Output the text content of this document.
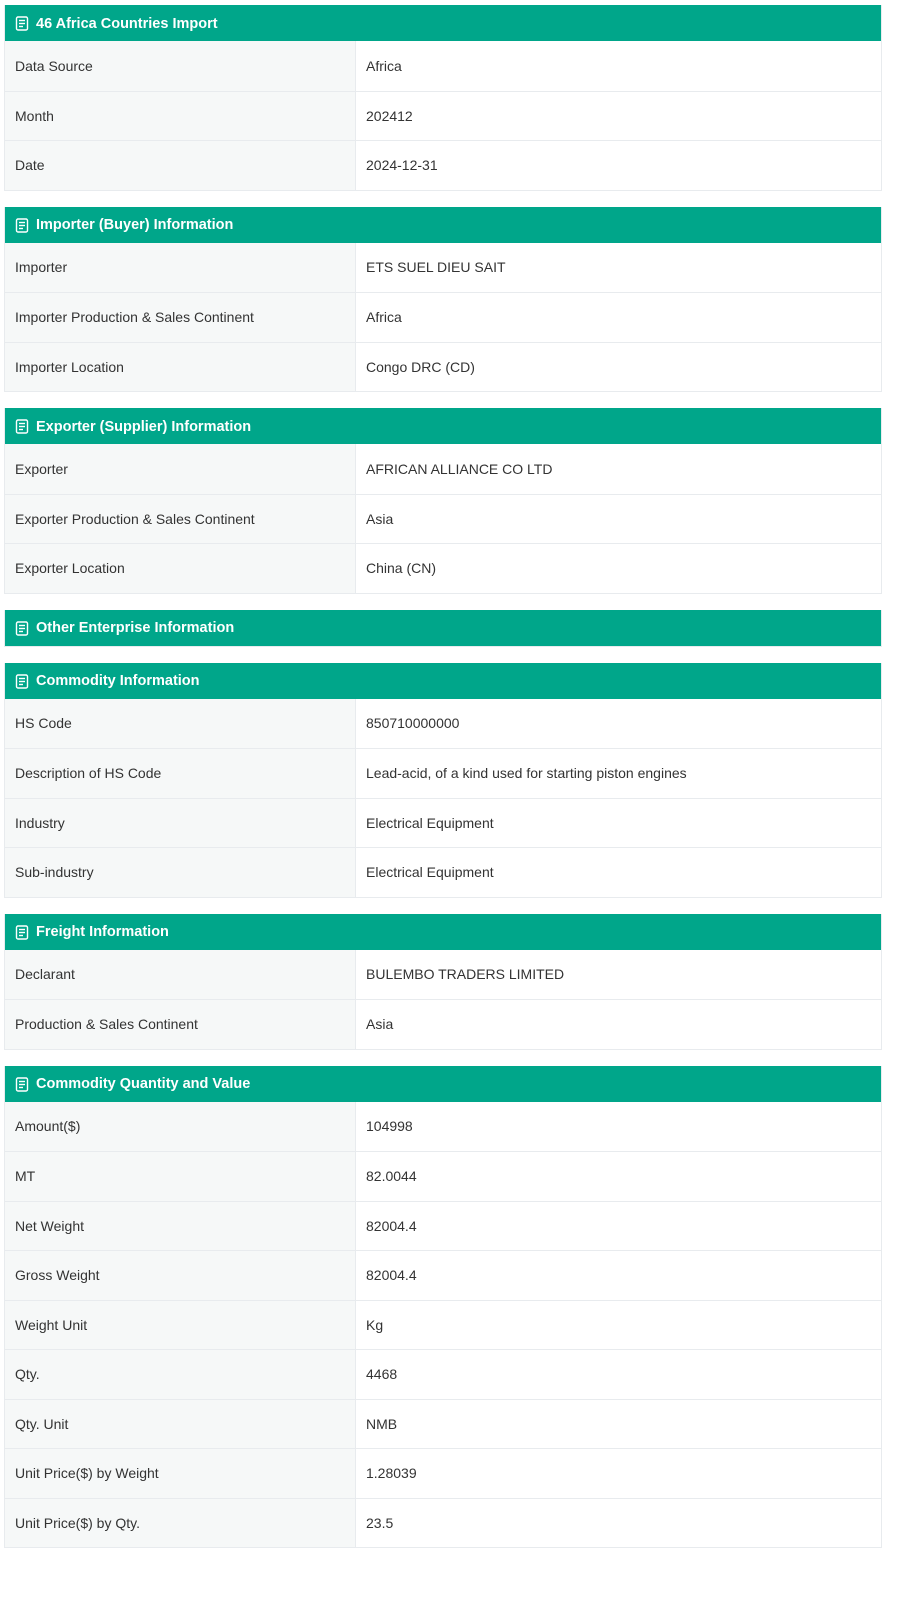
46 Africa Countries Import
Data Source	Africa
Month	202412
Date	2024-12-31
Importer (Buyer) Information
Importer	ETS SUEL DIEU SAIT
Importer Production & Sales Continent	Africa
Importer Location	Congo DRC (CD)
Exporter (Supplier) Information
Exporter	AFRICAN ALLIANCE CO LTD
Exporter Production & Sales Continent	Asia
Exporter Location	China (CN)
Other Enterprise Information
Commodity Information
HS Code	850710000000
Description of HS Code	Lead-acid, of a kind used for starting piston engines
Industry	Electrical Equipment
Sub-industry	Electrical Equipment
Freight Information
Declarant	BULEMBO TRADERS LIMITED
Production & Sales Continent	Asia
Commodity Quantity and Value
Amount($)	104998
MT	82.0044
Net Weight	82004.4
Gross Weight	82004.4
Weight Unit	Kg
Qty.	4468
Qty. Unit	NMB
Unit Price($) by Weight	1.28039
Unit Price($) by Qty.	23.5
